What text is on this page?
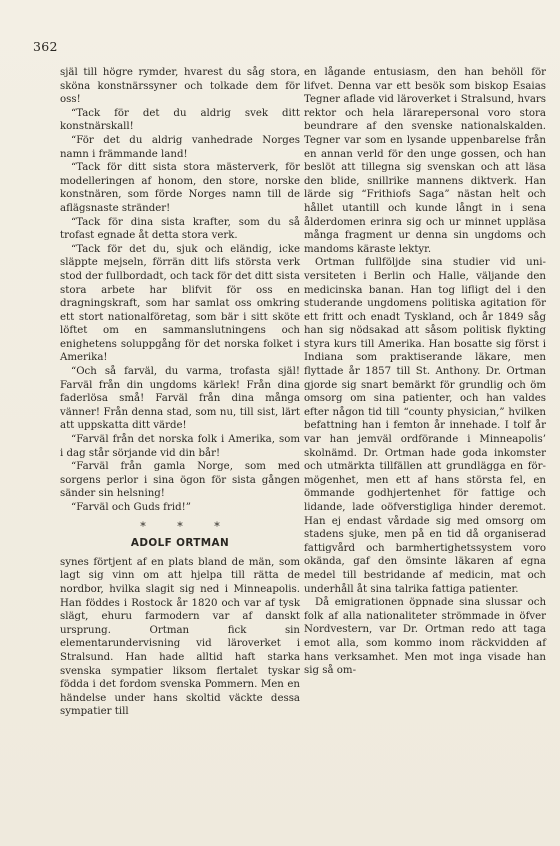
362

själ till högre rymder, hvarest du såg stora, sköna konstnärssyner och tolkade dem för oss!

“Tack för det du aldrig svek ditt konstnärskall!

“För det du aldrig vanhedrade Norges namn i främmande land!

“Tack för ditt sista stora mästerverk, för modelleringen af honom, den store, norske konstnären, som förde Norges namn till de aflägsnaste stränder!

“Tack för dina sista krafter, som du så trofast egnade åt detta stora verk.

“Tack för det du, sjuk och eländig, icke släppte mejseln, förrän ditt lifs största verk stod der fullbordadt, och tack för det ditt sista stora arbete har blifvit för oss en dragningskraft, som har samlat oss omkring ett stort nationalföretag, som bär i sitt sköte löftet om en sammanslutningens och enighetens soluppgång för det norska folket i Amerika!

“Och så farväl, du varma, trofasta själ! Farväl från din ungdoms kärlek! Från dina faderlösa små! Farväl från dina många vänner! Från denna stad, som nu, till sist, lärt att uppskatta ditt värde!

“Farväl från det norska folk i Amerika, som i dag står sörjande vid din bår!

“Farväl från gamla Norge, som med sorgens perlor i sina ögon för sista gången sänder sin helsning!

“Farväl och Guds frid!”

* * *
ADOLF ORTMAN

synes förtjent af en plats bland de män, som lagt sig vinn om att hjelpa till rätta de nordbor, hvilka slagit sig ned i Minneapolis. Han föddes i Rostock år 1820 och var af tysk slägt, ehuru farmodern var af danskt ursprung. Ortman fick sin elementarundervisning vid läroverket i Stralsund. Han hade alltid haft starka svenska sympatier liksom flertalet tyskar födda i det fordom svenska Pommern. Men en händelse under hans skoltid väckte dessa sympatier till

en lågande entusiasm, den han behöll för lifvet. Denna var ett besök som biskop Esaias Tegner aflade vid läroverket i Stralsund, hvars rektor och hela lärarepersonal voro stora beundrare af den svenske nationalskalden. Tegner var som en lysande uppenbarelse från en annan verld för den unge gossen, och han beslöt att tillegna sig svenskan och att läsa den blide, snillrike mannens diktverk. Han lärde sig “Frithiofs Saga” nästan helt och hållet utantill och kunde långt in i sena ålderdomen erinra sig och ur minnet uppläsa många fragment ur denna sin ungdoms och mandoms käraste lektyr.

Ortman fullföljde sina studier vid universiteten i Berlin och Halle, väljande den medicinska banan. Han tog lifligt del i den studerande ungdomens politiska agitation för ett fritt och enadt Tyskland, och år 1849 såg han sig nödsakad att såsom politisk flykting styra kurs till Amerika. Han bosatte sig först i Indiana som praktiserande läkare, men flyttade år 1857 till St. Anthony. Dr. Ortman gjorde sig snart bemärkt för grundlig och öm omsorg om sina patienter, och han valdes efter någon tid till “county physician,” hvilken befattning han i femton år innehade. I tolf år var han jemväl ordförande i Minneapolis’ skolnämd. Dr. Ortman hade goda inkomster och utmärkta tillfällen att grundlägga en förmögenhet, men ett af hans största fel, en ömmande godhjertenhet för fattige och lidande, lade oöfverstigliga hinder deremot. Han ej endast vårdade sig med omsorg om stadens sjuke, men på en tid då organiserad fattigvård och barmhertighetssystem voro okända, gaf den ömsinte läkaren af egna medel till bestridande af medicin, mat och underhåll åt sina talrika fattiga patienter.

Då emigrationen öppnade sina slussar och folk af alla nationaliteter strömmade in öfver Nordvestern, var Dr. Ortman redo att taga emot alla, som kommo inom räckvidden af hans verksamhet. Men mot inga visade han sig så om-
